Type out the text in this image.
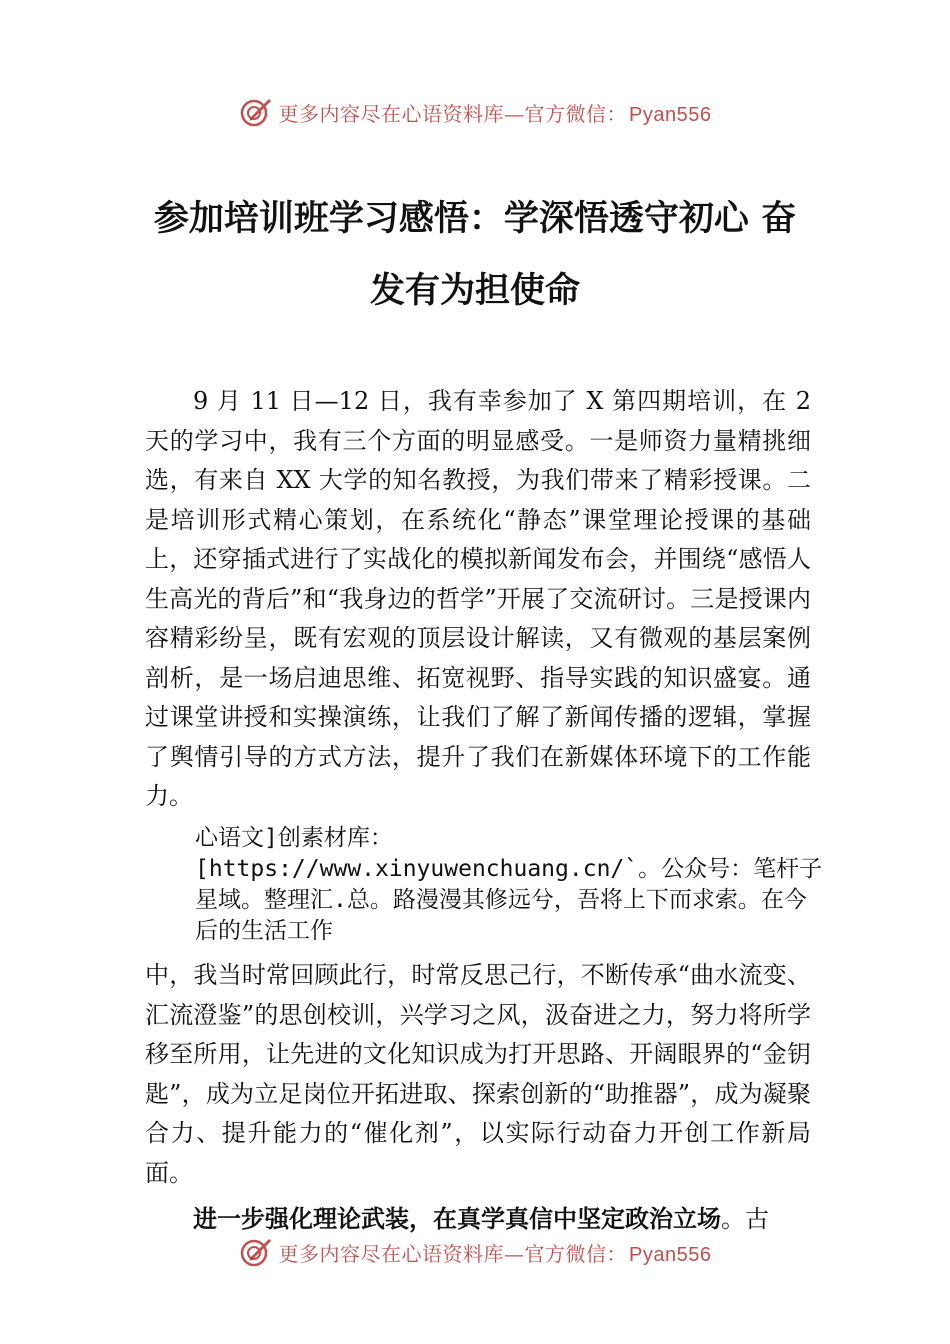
更多内容尽在心语资料库—官方微信： Pyan556
参加培训班学习感悟：学深悟透守初心 奋发有为担使命

9 月 11 日—12 日，我有幸参加了 X 第四期培训，在 2 天的学习中，我有三个方面的明显感受。一是师资力量精挑细选，有来自 XX 大学的知名教授，为我们带来了精彩授课。二是培训形式精心策划，在系统化“静态”课堂理论授课的基础上，还穿插式进行了实战化的模拟新闻发布会，并围绕“感悟人生高光的背后”和“我身边的哲学”开展了交流研讨。三是授课内容精彩纷呈，既有宏观的顶层设计解读，又有微观的基层案例剖析，是一场启迪思维、拓宽视野、指导实践的知识盛宴。通过课堂讲授和实操演练，让我们了解了新闻传播的逻辑，掌握了舆情引导的方式方法，提升了我们在新媒体环境下的工作能力。

心语文]创素材库：[https://www.xinyuwenchuang.cn/`。公众号：笔杆子星域。整理汇.总。路漫漫其修远兮，吾将上下而求索。在今后的生活工作

中，我当时常回顾此行，时常反思己行，不断传承“曲水流变、汇流澄鉴”的思创校训，兴学习之风，汲奋进之力，努力将所学移至所用，让先进的文化知识成为打开思路、开阔眼界的“金钥匙”，成为立足岗位开拓进取、探索创新的“助推器”，成为凝聚合力、提升能力的“催化剂”，以实际行动奋力开创工作新局面。

进一步强化理论武装，在真学真信中坚定政治立场。古

更多内容尽在心语资料库—官方微信： Pyan556
